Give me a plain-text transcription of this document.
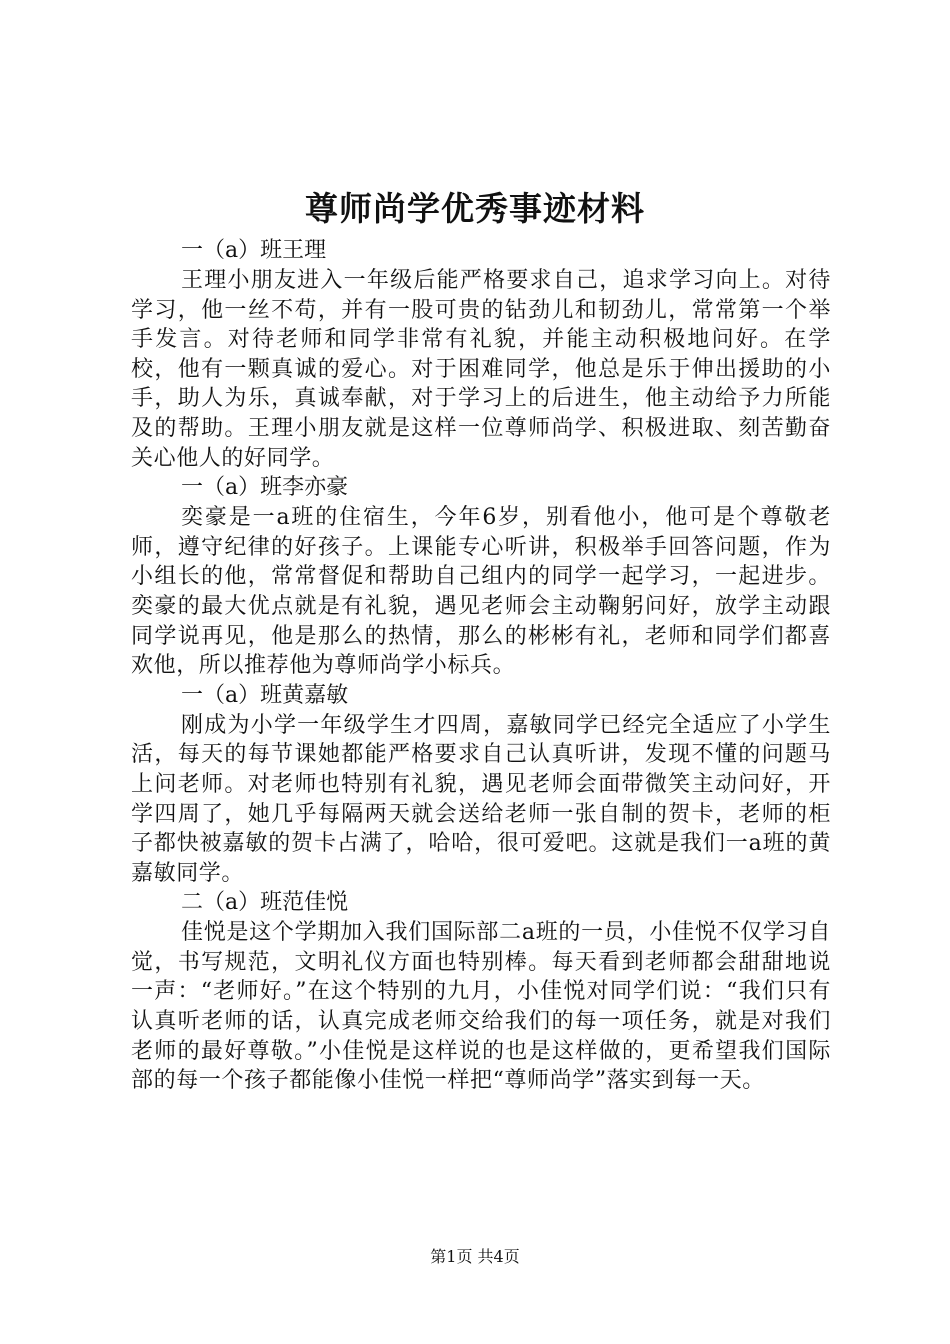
尊师尚学优秀事迹材料

一（a）班王理

王理小朋友进入一年级后能严格要求自己，追求学习向上。对待学习，他一丝不苟，并有一股可贵的钻劲儿和韧劲儿，常常第一个举手发言。对待老师和同学非常有礼貌，并能主动积极地问好。在学校，他有一颗真诚的爱心。对于困难同学，他总是乐于伸出援助的小手，助人为乐，真诚奉献，对于学习上的后进生，他主动给予力所能及的帮助。王理小朋友就是这样一位尊师尚学、积极进取、刻苦勤奋关心他人的好同学。

一（a）班李亦豪

奕豪是一a班的住宿生，今年6岁，别看他小，他可是个尊敬老师，遵守纪律的好孩子。上课能专心听讲，积极举手回答问题，作为小组长的他，常常督促和帮助自己组内的同学一起学习，一起进步。奕豪的最大优点就是有礼貌，遇见老师会主动鞠躬问好，放学主动跟同学说再见，他是那么的热情，那么的彬彬有礼，老师和同学们都喜欢他，所以推荐他为尊师尚学小标兵。

一（a）班黄嘉敏

刚成为小学一年级学生才四周，嘉敏同学已经完全适应了小学生活，每天的每节课她都能严格要求自己认真听讲，发现不懂的问题马上问老师。对老师也特别有礼貌，遇见老师会面带微笑主动问好，开学四周了，她几乎每隔两天就会送给老师一张自制的贺卡，老师的柜子都快被嘉敏的贺卡占满了，哈哈，很可爱吧。这就是我们一a班的黄嘉敏同学。

二（a）班范佳悦

佳悦是这个学期加入我们国际部二a班的一员，小佳悦不仅学习自觉，书写规范，文明礼仪方面也特别棒。每天看到老师都会甜甜地说一声：“老师好。”在这个特别的九月，小佳悦对同学们说：“我们只有认真听老师的话，认真完成老师交给我们的每一项任务，就是对我们老师的最好尊敬。”小佳悦是这样说的也是这样做的，更希望我们国际部的每一个孩子都能像小佳悦一样把“尊师尚学”落实到每一天。

第1页 共4页
